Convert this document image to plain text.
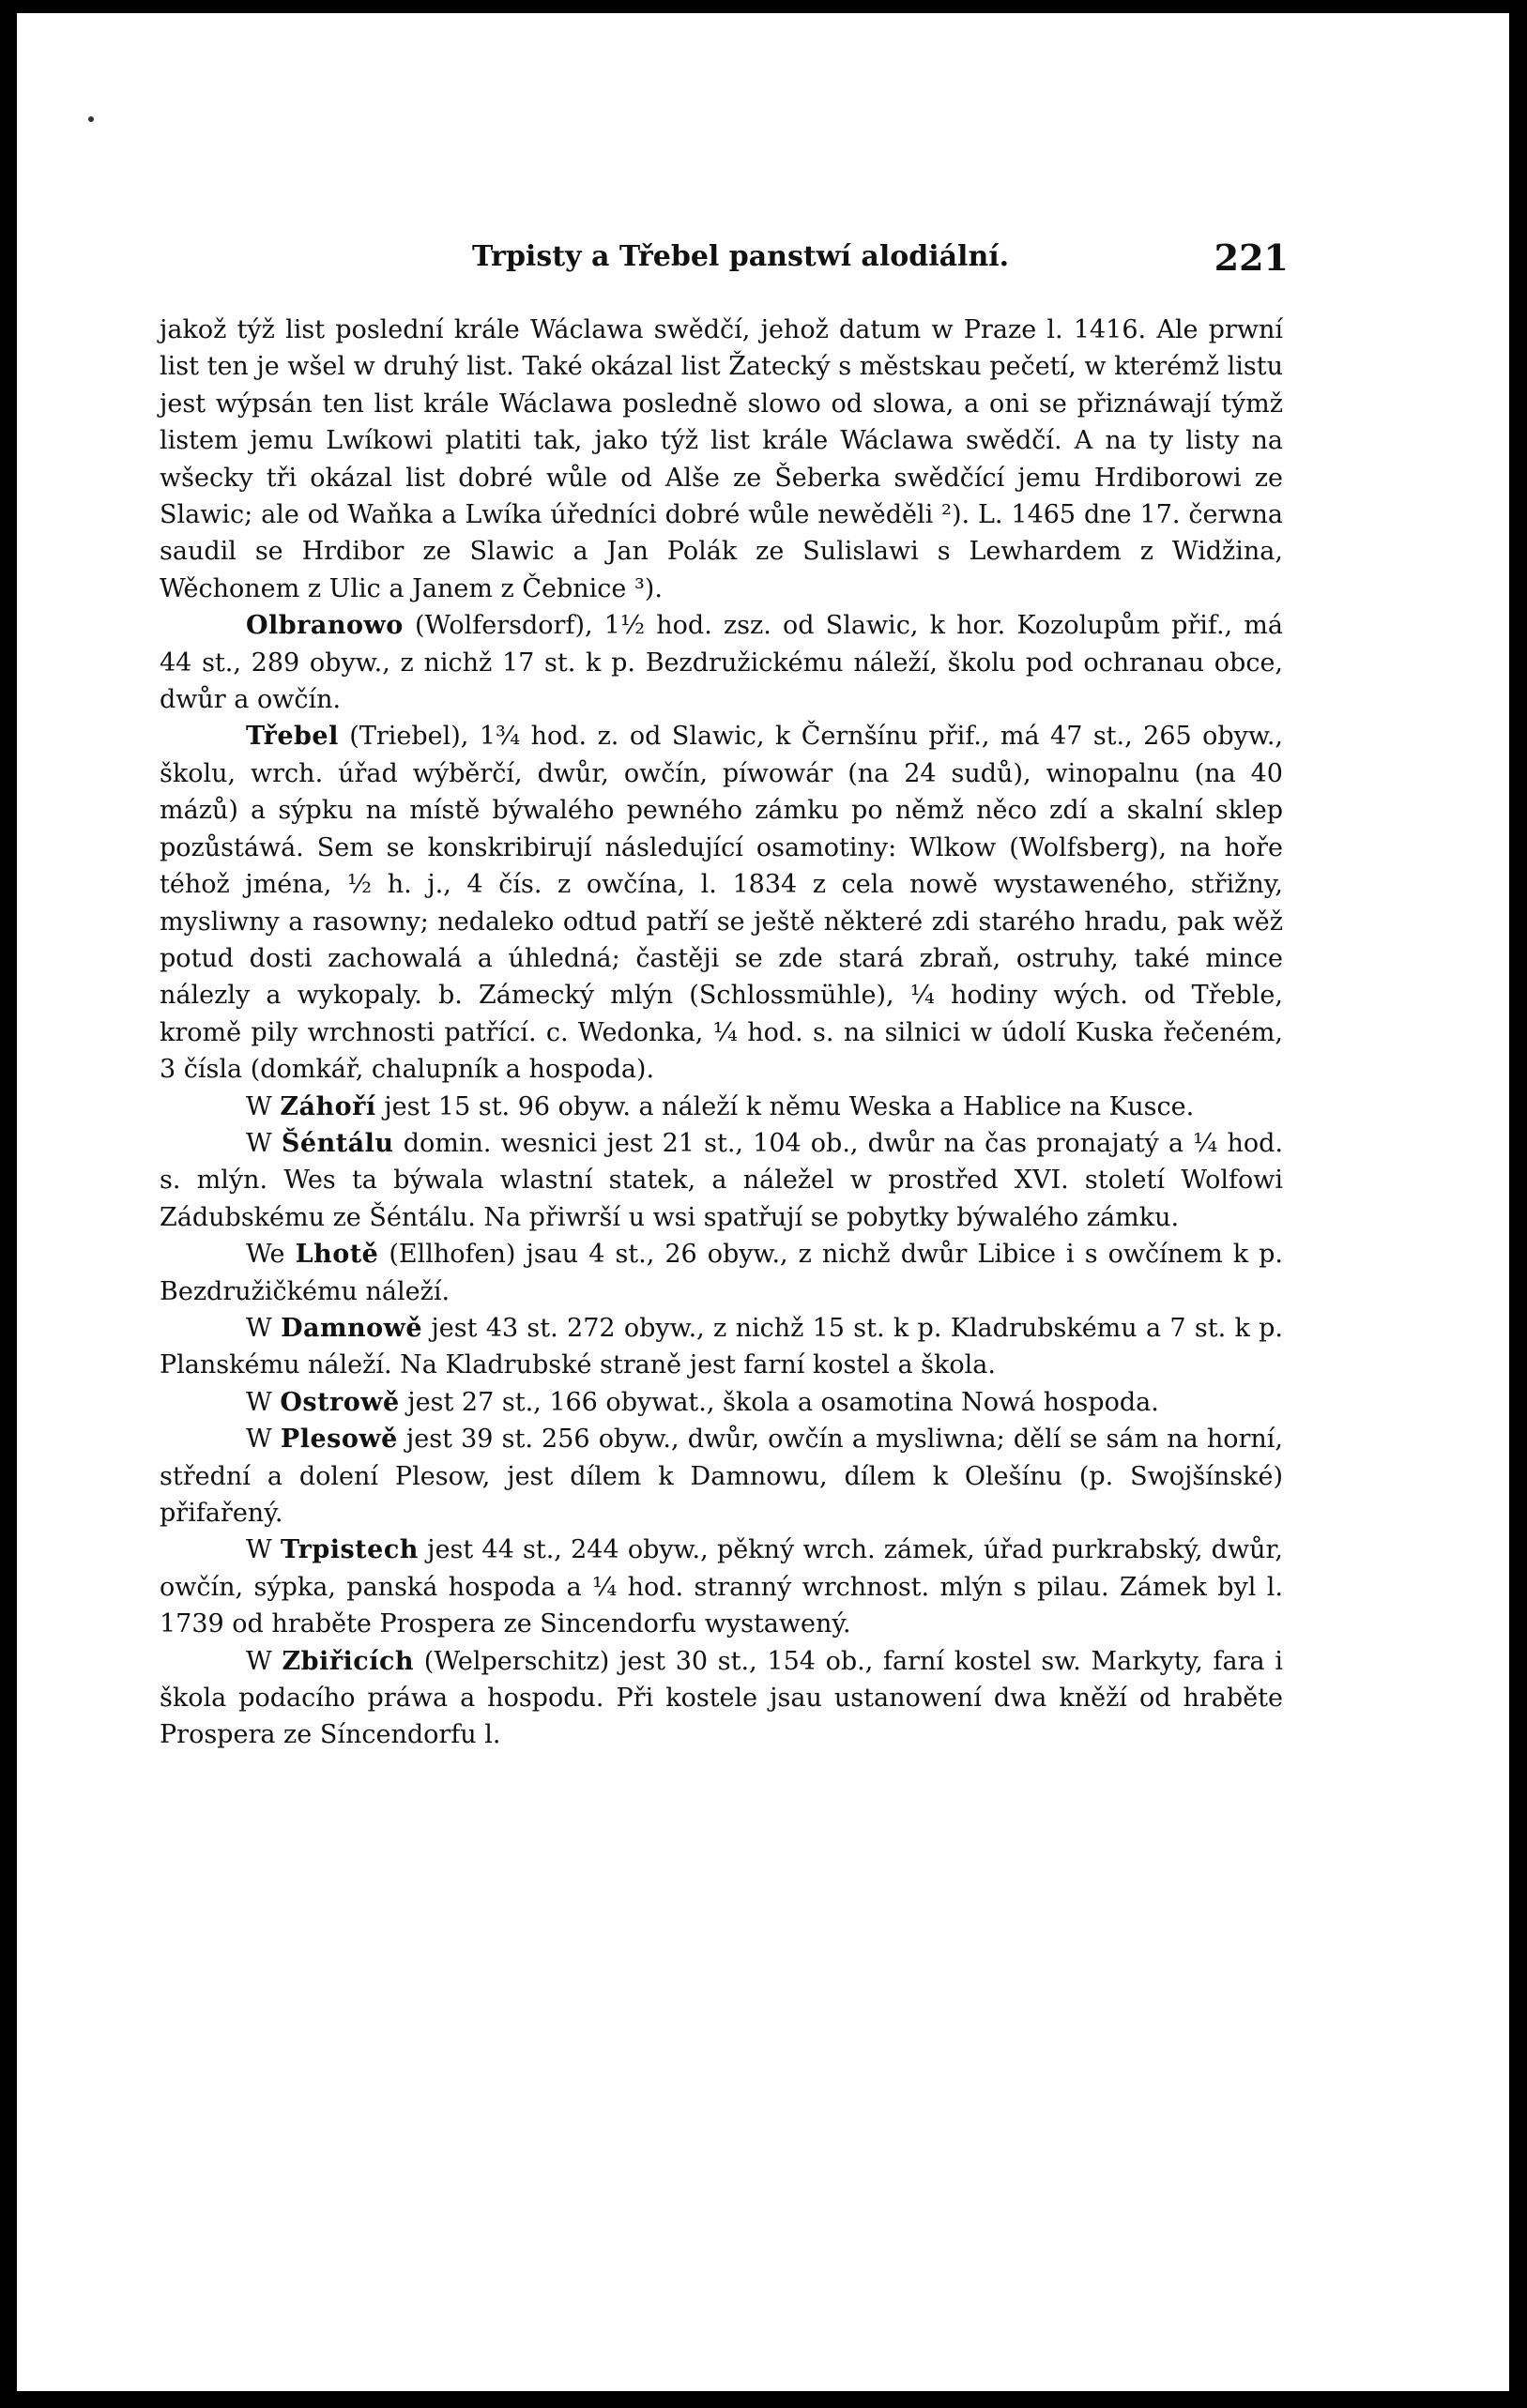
Trpisty a Třebel panstwí alodiální.	221

jakož týž list poslední krále Wáclawa swědčí, jehož datum w Praze l. 1416. Ale prwní list ten je wšel w druhý list. Také okázal list Žatecký s městskau pečetí, w kterémž listu jest wýpsán ten list krále Wáclawa posledně slowo od slowa, a oni se přiznáwají týmž listem jemu Lwíkowi platiti tak, jako týž list krále Wáclawa swědčí. A na ty listy na wšecky tři okázal list dobré wůle od Alše ze Šeberka swědčící jemu Hrdiborowi ze Slawic; ale od Waňka a Lwíka úředníci dobré wůle newěděli ²). L. 1465 dne 17. čerwna saudil se Hrdibor ze Slawic a Jan Polák ze Sulislawi s Lewhardem z Widžina, Wěchonem z Ulic a Janem z Čebnice ³).

Olbranowo (Wolfersdorf), 1½ hod. zsz. od Slawic, k hor. Kozolupům přif., má 44 st., 289 obyw., z nichž 17 st. k p. Bezdružickému náleží, školu pod ochranau obce, dwůr a owčín.

Třebel (Triebel), 1¾ hod. z. od Slawic, k Černšínu přif., má 47 st., 265 obyw., školu, wrch. úřad wýběrčí, dwůr, owčín, píwowár (na 24 sudů), winopalnu (na 40 mázů) a sýpku na místě býwalého pewného zámku po němž něco zdí a skalní sklep pozůstáwá. Sem se konskribirují následující osamotiny: Wlkow (Wolfsberg), na hoře téhož jména, ½ h. j., 4 čís. z owčína, l. 1834 z cela nowě wystaweného, střižny, mysliwny a rasowny; nedaleko odtud patří se ještě některé zdi starého hradu, pak wěž potud dosti zachowalá a úhledná; častěji se zde stará zbraň, ostruhy, také mince nálezly a wykopaly. b. Zámecký mlýn (Schlossmühle), ¼ hodiny wých. od Třeble, kromě pily wrchnosti patřící. c. Wedonka, ¼ hod. s. na silnici w údolí Kuska řečeném, 3 čísla (domkář, chalupník a hospoda).

W Záhoří jest 15 st. 96 obyw. a náleží k němu Weska a Hablice na Kusce.

W Šéntálu domin. wesnici jest 21 st., 104 ob., dwůr na čas pronajatý a ¼ hod. s. mlýn. Wes ta býwala wlastní statek, a náležel w prostřed XVI. století Wolfowi Zádubskému ze Šéntálu. Na přiwrší u wsi spatřují se pobytky býwalého zámku.

We Lhotě (Ellhofen) jsau 4 st., 26 obyw., z nichž dwůr Libice i s owčínem k p. Bezdružičkému náleží.

W Damnowě jest 43 st. 272 obyw., z nichž 15 st. k p. Kladrubskému a 7 st. k p. Planskému náleží. Na Kladrubské straně jest farní kostel a škola.

W Ostrowě jest 27 st., 166 obywat., škola a osamotina Nowá hospoda.

W Plesowě jest 39 st. 256 obyw., dwůr, owčín a mysliwna; dělí se sám na horní, střední a dolení Plesow, jest dílem k Damnowu, dílem k Olešínu (p. Swojšínské) přifařený.

W Trpistech jest 44 st., 244 obyw., pěkný wrch. zámek, úřad purkrabský, dwůr, owčín, sýpka, panská hospoda a ¼ hod. stranný wrchnost. mlýn s pilau. Zámek byl l. 1739 od hraběte Prospera ze Sincendorfu wystawený.

W Zbiřicích (Welperschitz) jest 30 st., 154 ob., farní kostel sw. Markyty, fara i škola podacího práwa a hospodu. Při kostele jsau ustanowení dwa kněží od hraběte Prospera ze Síncendorfu l.
